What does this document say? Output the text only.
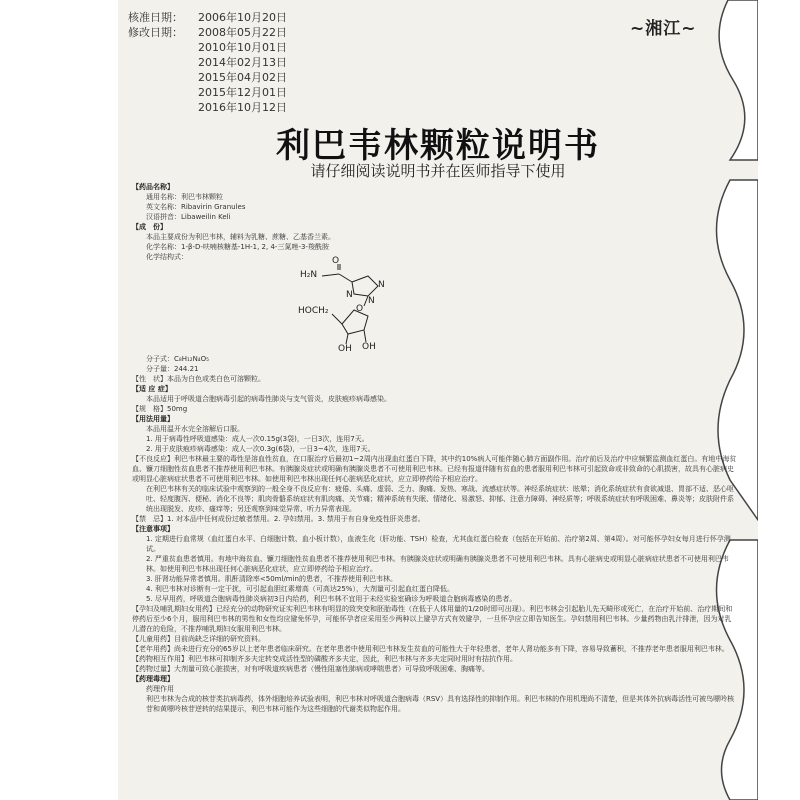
核准日期：	2006年10月20日
修改日期：	2008年05月22日
2010年10月01日
2014年02月13日
2015年04月02日
2015年12月01日
2016年10月12日
~湘江~
利巴韦林颗粒说明书
请仔细阅读说明书并在医师指导下使用

【药品名称】

通用名称：利巴韦林颗粒

英文名称：Ribavirin Granules

汉语拼音：Libaweilin Keli

【成　份】

本品主要成份为利巴韦林，辅料为乳糖、蔗糖、乙基香兰素。

化学名称：1-β-D-呋喃核糖基-1H-1, 2, 4-三氮唑-3-羧酰胺

化学结构式：	O
H₂N
N
N
N
HOCH₂	O
OH OH

分子式：C₈H₁₂N₄O₅

分子量：244.21

【性　状】本品为白色或类白色可溶颗粒。

【适 应 症】

本品适用于呼吸道合胞病毒引起的病毒性肺炎与支气管炎，皮肤疱疹病毒感染。

【规　格】50mg

【用法用量】

本品用温开水完全溶解后口服。

1. 用于病毒性呼吸道感染：成人一次0.15g(3袋)，一日3次，连用7天。

2. 用于皮肤疱疹病毒感染：成人一次0.3g(6袋)，一日3~4次，连用7天。

【不良反应】利巴韦林最主要的毒性是溶血性贫血，在口服治疗后最初1~2周内出现血红蛋白下降，其中约10%病人可能伴随心肺方面副作用。治疗前后及治疗中应频繁监测血红蛋白。有地中海贫血、镰刀细胞性贫血患者不推荐使用利巴韦林。有胰腺炎症状或明确有胰腺炎患者不可使用利巴韦林。已经有报道伴随有贫血的患者服用利巴韦林可引起致命或非致命的心肌损害，故具有心脏病史或明显心脏病症状患者不可使用利巴韦林。如使用利巴韦林出现任何心脏病恶化症状，应立即停药给予相应治疗。

在利巴韦林有关的临床试验中观察到的一般全身不良反应有：疲倦、头痛、虚弱、乏力、胸痛、发热、寒战、流感症状等。神经系统症状：眩晕；消化系统症状有食欲减退、胃部不适、恶心呕吐、轻度腹泻、便秘、消化不良等；肌肉骨骼系统症状有肌肉痛、关节痛；精神系统有失眠、情绪化、易激怒、抑郁、注意力障碍、神经质等；呼吸系统症状有呼吸困难、鼻炎等；皮肤附件系统出现脱发、皮疹、瘙痒等；另还观察到味觉异常、听力异常表现。

【禁　忌】1. 对本品中任何成份过敏者禁用。2. 孕妇禁用。3. 禁用于有自身免疫性肝炎患者。

【注意事项】

1. 定期进行血常规（血红蛋白水平、白细胞计数、血小板计数），血液生化（肝功能、TSH）检查，尤其血红蛋白检查（包括在开始前、治疗第2周、第4周）。对可能怀孕妇女每月进行怀孕测试。

2. 严重贫血患者慎用。有地中海贫血、镰刀细胞性贫血患者不推荐使用利巴韦林。有胰腺炎症状或明确有胰腺炎患者不可使用利巴韦林。具有心脏病史或明显心脏病症状患者不可使用利巴韦林。如使用利巴韦林出现任何心脏病恶化症状，应立即停药给予相应治疗。

3. 肝肾功能异常者慎用。肌酐清除率<50ml/min的患者，不推荐使用利巴韦林。

4. 利巴韦林对诊断有一定干扰，可引起血胆红素增高（可高达25%），大剂量可引起血红蛋白降低。

5. 尽早用药，呼吸道合胞病毒性肺炎病初3日内给药，利巴韦林不宜用于未经实验室确诊为呼吸道合胞病毒感染的患者。

【孕妇及哺乳期妇女用药】已经充分的动物研究证实利巴韦林有明显的致突变和胚胎毒性（在低于人体用量的1/20时即可出现）。利巴韦林会引起胎儿先天畸形或死亡，在治疗开始前、治疗期间和停药后至少6个月，服用利巴韦林的男性和女性均应避免怀孕，可能怀孕者应采用至少两种以上避孕方式有效避孕，一旦怀孕应立即告知医生。孕妇禁用利巴韦林。少量药物由乳汁排泄，因为对乳儿潜在的危险，不推荐哺乳期妇女服用利巴韦林。

【儿童用药】目前尚缺乏详细的研究资料。

【老年用药】尚未进行充分的65岁以上老年患者临床研究。在老年患者中使用利巴韦林发生贫血的可能性大于年轻患者，老年人肾功能多有下降，容易导致蓄积，不推荐老年患者服用利巴韦林。

【药物相互作用】利巴韦林可抑制齐多夫定转变成活性型的磷酸齐多夫定，因此，利巴韦林与齐多夫定同时用时有拮抗作用。

【药物过量】大剂量可致心脏损害，对有呼吸道疾病患者（慢性阻塞性肺病或哮喘患者）可导致呼吸困难、胸痛等。

【药理毒理】

药理作用

利巴韦林为合成的核苷类抗病毒药，体外细胞培养试验表明，利巴韦林对呼吸道合胞病毒（RSV）具有选择性的抑制作用。利巴韦林的作用机理尚不清楚，但是其体外抗病毒活性可被鸟嘌呤核苷和黄嘌呤核苷逆转的结果提示，利巴韦林可能作为这些细胞的代谢类似物起作用。
